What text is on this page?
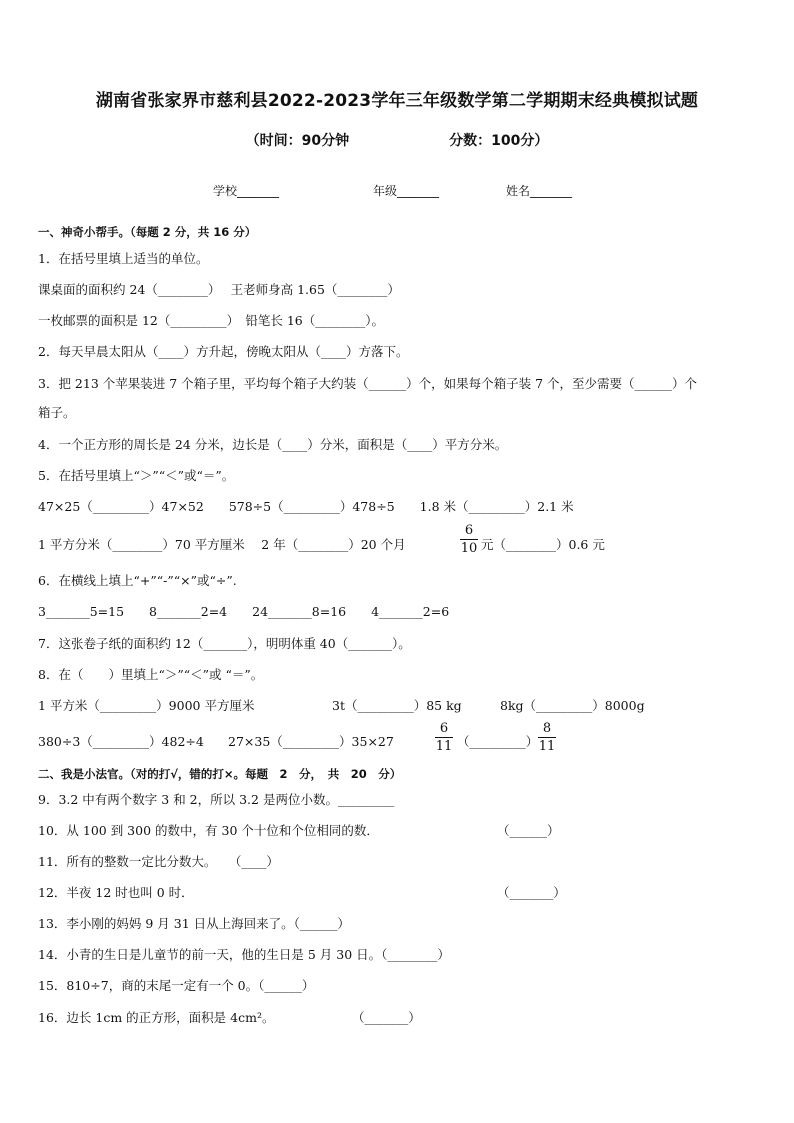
湖南省张家界市慈利县2022-2023学年三年级数学第二学期期末经典模拟试题
（时间：90分钟	分数：100分）
学校_______	年级_______	姓名_______
一、神奇小帮手。（每题 2 分，共 16 分）
1．在括号里填上适当的单位。
课桌面的面积约 24（________）　 王老师身高 1.65（________）
一枚邮票的面积是 12（_________）　铅笔长 16（________）。
2．每天早晨太阳从（____）方升起，傍晚太阳从（____）方落下。
3．把 213 个苹果装进 7 个箱子里，平均每个箱子大约装（______）个，如果每个箱子装 7 个，至少需要（______）个
箱子。
4．一个正方形的周长是 24 分米，边长是（____）分米，面积是（____）平方分米。
5．在括号里填上“＞”“＜”或“＝”。
47×25（_________）47×52　　578÷5（_________）478÷5　　1.8 米（_________）2.1 米
1 平方分米（________）70 平方厘米　 2 年（________）20 个月
6
10 元（________）0.6 元
6．在横线上填上“+”“-”“×”或“÷”.
3_______5=15　　8_______2=4　　24_______8=16　　4_______2=6
7．这张卷子纸的面积约 12（_______），明明体重 40（_______）。
8．在（　　）里填上“＞”“＜”或 “＝”。
1 平方米（_________）9000 平方厘米	3t（_________）85 kg	8kg（_________）8000g
380÷3（_________）482÷4 27×35（_________）35×27
6
11 （_________）
8
11
二、我是小法官。（对的打√，错的打×。每题　2　分，　共　20　分）
9．3.2 中有两个数字 3 和 2，所以 3.2 是两位小数。_________
10．从 100 到 300 的数中，有 30 个十位和个位相同的数．	（______）
11．所有的整数一定比分数大。　　（____）
12．半夜 12 时也叫 0 时．	（_______）
13．李小刚的妈妈 9 月 31 日从上海回来了。（______）
14．小青的生日是儿童节的前一天，他的生日是 5 月 30 日。（________）
15．810÷7，商的末尾一定有一个 0。（______）
16．边长 1cm 的正方形，面积是 4cm²。	（_______）
